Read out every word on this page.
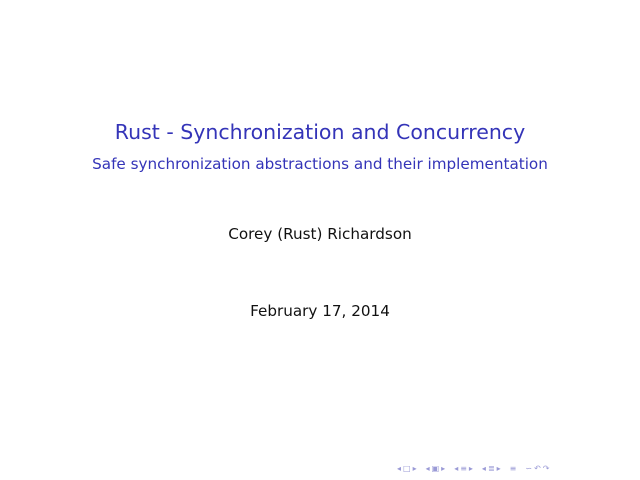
Rust - Synchronization and Concurrency
Safe synchronization abstractions and their implementation
Corey (Rust) Richardson
February 17, 2014
◂ □ ▸ ◂ ▣ ▸ ◂ ≡ ▸ ◂ ≣ ▸ ≡ ∽ ↶ ↷
